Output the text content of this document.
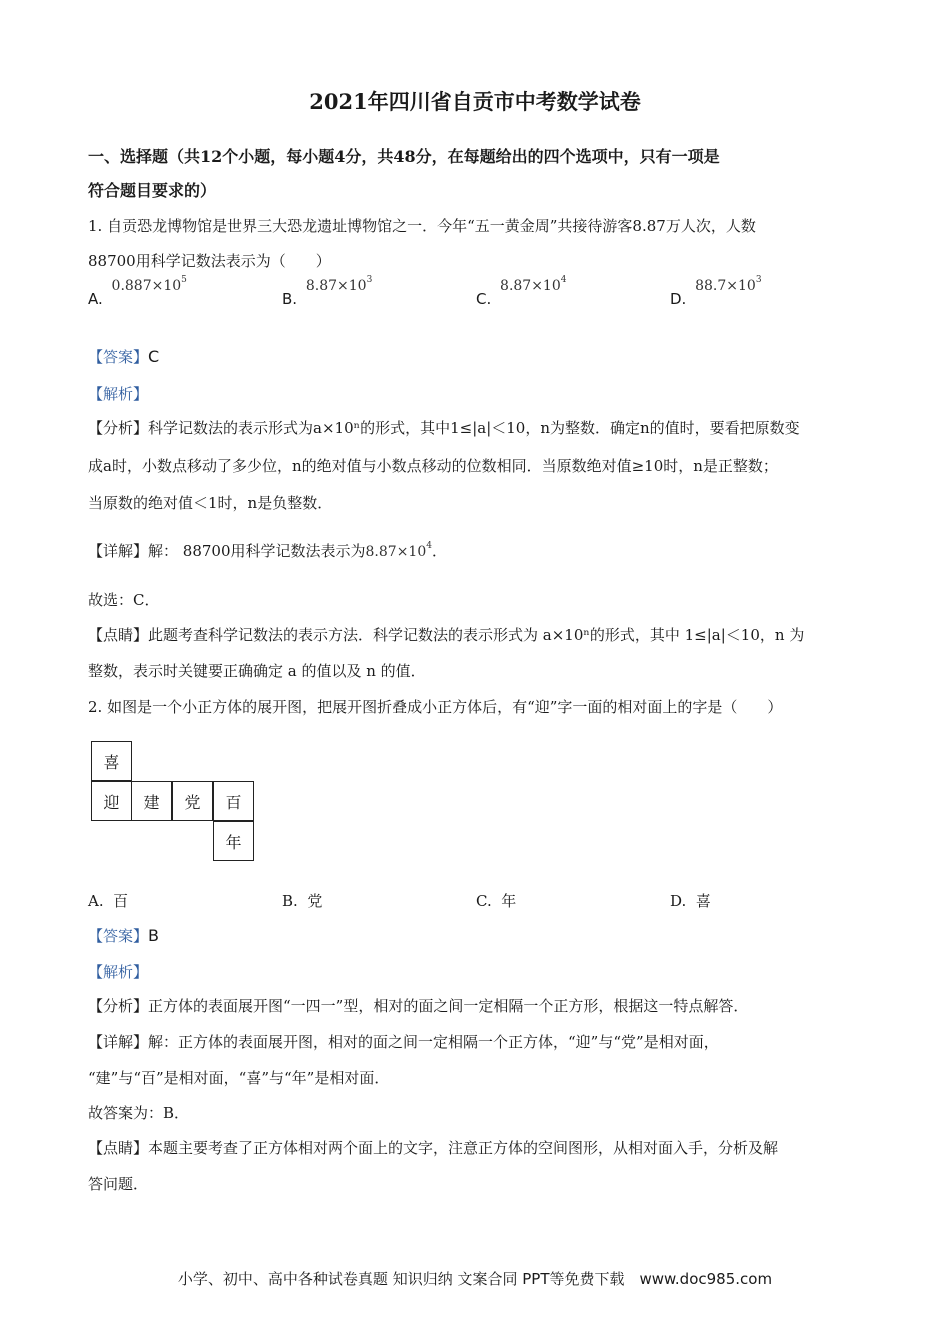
2021年四川省自贡市中考数学试卷
一、选择题（共12个小题，每小题4分，共48分，在每题给出的四个选项中，只有一项是
符合题目要求的）
1. 自贡恐龙博物馆是世界三大恐龙遗址博物馆之一．今年“五一黄金周”共接待游客8.87万人次，人数
88700用科学记数法表示为（　　）
A. $0.887\times 10^5$
B. $8.87\times 10^3$
C. $8.87\times 10^4$
D. $88.7\times 10^3$
【答案】C
【解析】
【分析】科学记数法的表示形式为a×10ⁿ的形式，其中1≤|a|＜10，n为整数．确定n的值时，要看把原数变
成a时，小数点移动了多少位，n的绝对值与小数点移动的位数相同．当原数绝对值≥10时，n是正整数；
当原数的绝对值＜1时，n是负整数．
【详解】解： 88700用科学记数法表示为$8.87\times 10^4$．
故选：C．
【点睛】此题考查科学记数法的表示方法．科学记数法的表示形式为 a×10ⁿ的形式，其中 1≤|a|＜10，n 为
整数，表示时关键要正确确定 a 的值以及 n 的值．
2. 如图是一个小正方体的展开图，把展开图折叠成小正方体后，有“迎”字一面的相对面上的字是（　　）
喜
迎	建	党	百
年
A. 百	B. 党	C. 年	D. 喜
【答案】B
【解析】
【分析】正方体的表面展开图“一四一”型，相对的面之间一定相隔一个正方形，根据这一特点解答．
【详解】解：正方体的表面展开图，相对的面之间一定相隔一个正方体，“迎”与“党”是相对面，
“建”与“百”是相对面，“喜”与“年”是相对面．
故答案为：B．
【点睛】本题主要考查了正方体相对两个面上的文字，注意正方体的空间图形，从相对面入手，分析及解
答问题．
小学、初中、高中各种试卷真题 知识归纳 文案合同 PPT等免费下载　www.doc985.com
